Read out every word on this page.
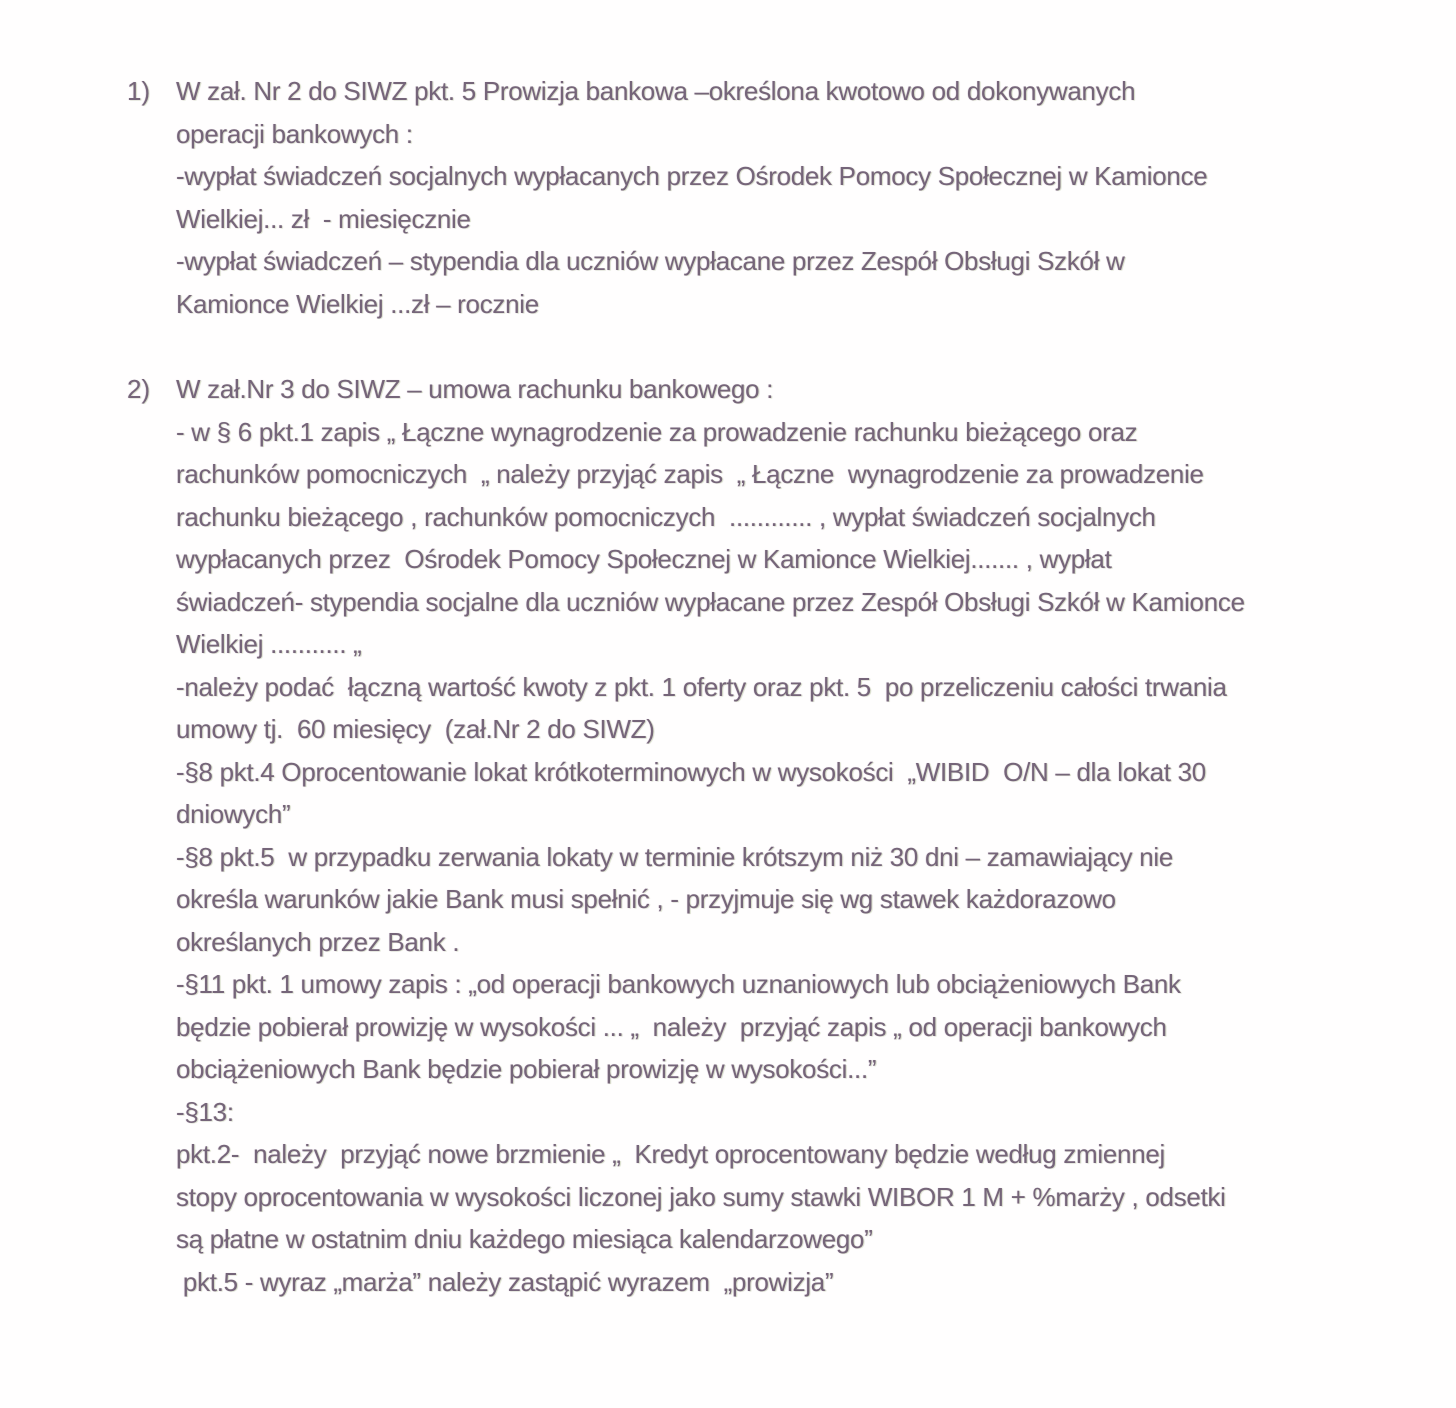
1) W zał. Nr 2 do SIWZ pkt. 5 Prowizja bankowa –określona kwotowo od dokonywanych
operacji bankowych :
-wypłat świadczeń socjalnych wypłacanych przez Ośrodek Pomocy Społecznej w Kamionce
Wielkiej... zł  - miesięcznie
-wypłat świadczeń – stypendia dla uczniów wypłacane przez Zespół Obsługi Szkół w
Kamionce Wielkiej ...zł – rocznie
2) W zał.Nr 3 do SIWZ – umowa rachunku bankowego :
- w § 6 pkt.1 zapis „ Łączne wynagrodzenie za prowadzenie rachunku bieżącego oraz
rachunków pomocniczych  „ należy przyjąć zapis  „ Łączne  wynagrodzenie za prowadzenie
rachunku bieżącego , rachunków pomocniczych  ............ , wypłat świadczeń socjalnych
wypłacanych przez  Ośrodek Pomocy Społecznej w Kamionce Wielkiej....... , wypłat
świadczeń- stypendia socjalne dla uczniów wypłacane przez Zespół Obsługi Szkół w Kamionce
Wielkiej ........... „
-należy podać  łączną wartość kwoty z pkt. 1 oferty oraz pkt. 5  po przeliczeniu całości trwania
umowy tj.  60 miesięcy  (zał.Nr 2 do SIWZ)
-§8 pkt.4 Oprocentowanie lokat krótkoterminowych w wysokości  „WIBID  O/N – dla lokat 30
dniowych”
-§8 pkt.5  w przypadku zerwania lokaty w terminie krótszym niż 30 dni – zamawiający nie
określa warunków jakie Bank musi spełnić , - przyjmuje się wg stawek każdorazowo
określanych przez Bank .
-§11 pkt. 1 umowy zapis : „od operacji bankowych uznaniowych lub obciążeniowych Bank
będzie pobierał prowizję w wysokości ... „  należy  przyjąć zapis „ od operacji bankowych
obciążeniowych Bank będzie pobierał prowizję w wysokości...”
-§13:
pkt.2-  należy  przyjąć nowe brzmienie „  Kredyt oprocentowany będzie według zmiennej
stopy oprocentowania w wysokości liczonej jako sumy stawki WIBOR 1 M + %marży , odsetki
są płatne w ostatnim dniu każdego miesiąca kalendarzowego”
pkt.5 - wyraz „marża” należy zastąpić wyrazem  „prowizja”
